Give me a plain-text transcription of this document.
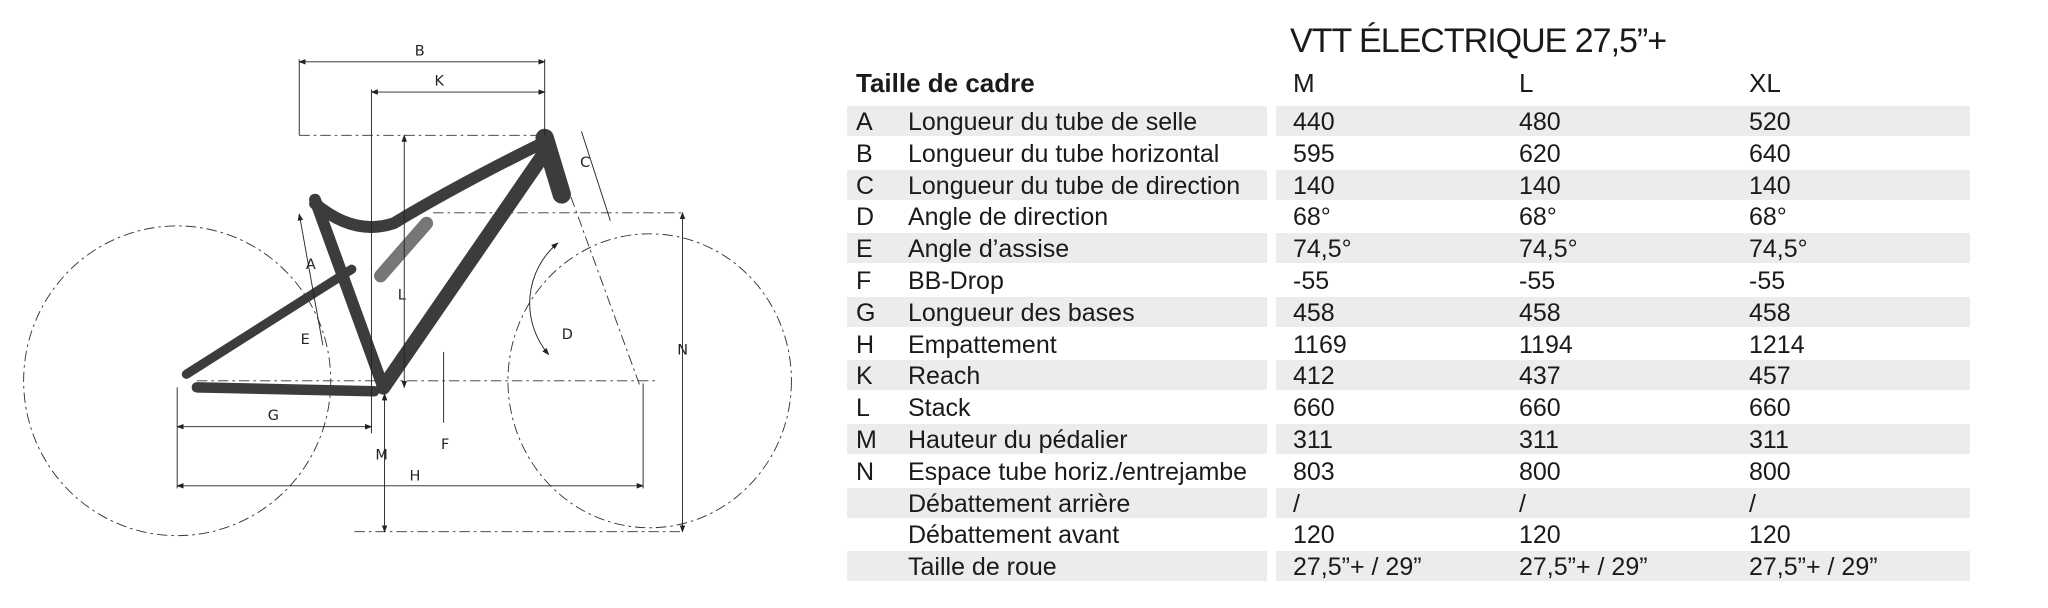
B
K
C
A
L
E	D
N
G
F
M
H
VTT ÉLECTRIQUE 27,5”+
Taille de cadre	M	L	XL
A Longueur du tube de selle	440	480	520
B Longueur du tube horizontal	595	620	640
C Longueur du tube de direction 140	140	140
D Angle de direction	68°	68°	68°
E Angle d’assise	74,5°	74,5°	74,5°
F BB-Drop	-55	-55	-55
G Longueur des bases	458	458	458
H Empattement	1169	1194	1214
K Reach	412	437	457
L Stack	660	660	660
M Hauteur du pédalier	311	311	311
N Espace tube horiz./entrejambe 803	800	800
Débattement arrière	/	/	/
Débattement avant	120	120	120
Taille de roue	27,5”+ / 29”	27,5”+ / 29”	27,5”+ / 29”
